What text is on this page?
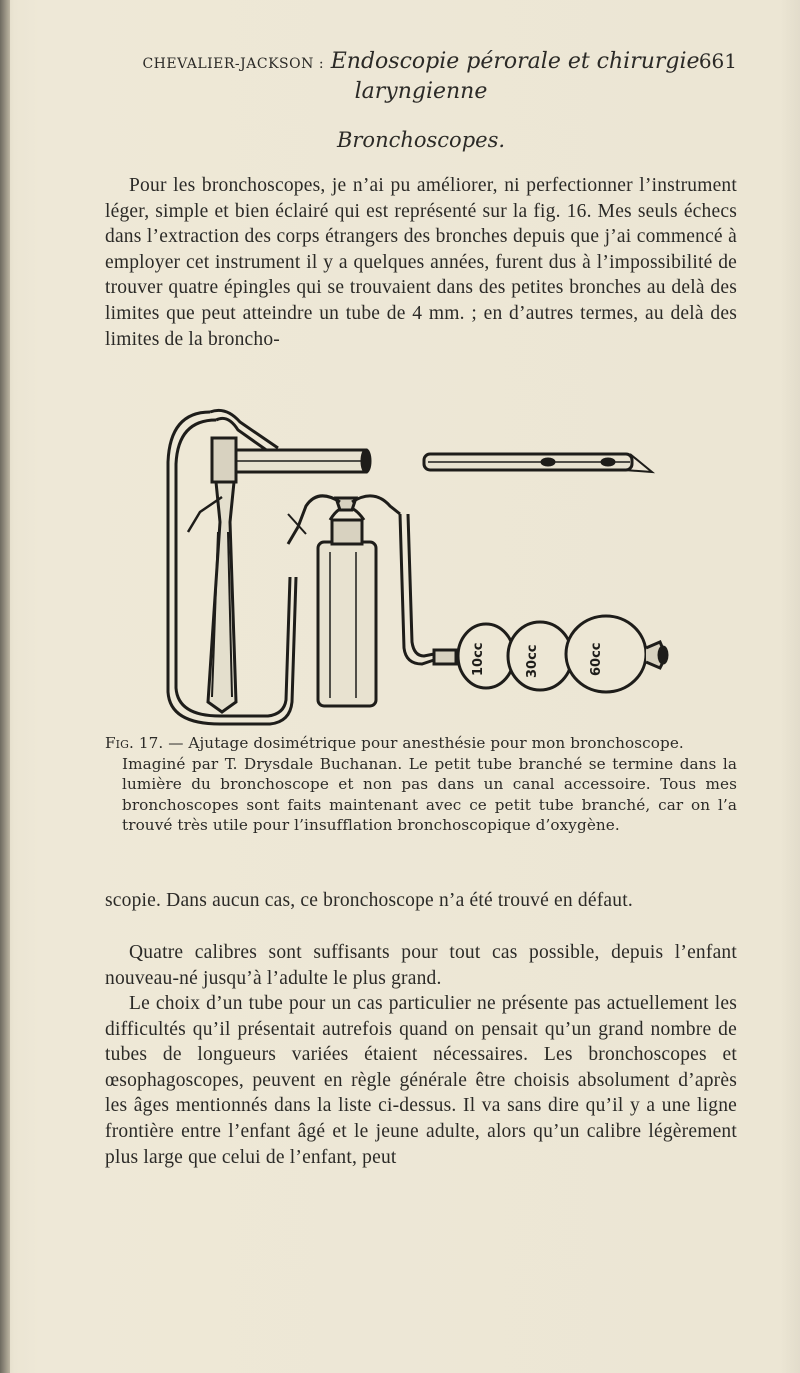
CHEVALIER-JACKSON : Endoscopie pérorale et chirurgie
laryngienne
661
Bronchoscopes.
Pour les bronchoscopes, je n’ai pu améliorer, ni perfectionner l’instrument léger, simple et bien éclairé qui est représenté sur la fig. 16. Mes seuls échecs dans l’extraction des corps étrangers des bronches depuis que j’ai commencé à employer cet instrument il y a quelques années, furent dus à l’impossibilité de trouver quatre épingles qui se trouvaient dans des petites bronches au delà des limites que peut atteindre un tube de 4 mm. ; en d’autres termes, au delà des limites de la broncho-
10cc	30cc	60cc
Fig. 17. — Ajutage dosimétrique pour anesthésie pour mon bronchoscope.
Imaginé par T. Drysdale Buchanan. Le petit tube branché se termine dans la lumière du bronchoscope et non pas dans un canal accessoire. Tous mes bronchoscopes sont faits maintenant avec ce petit tube branché, car on l’a trouvé très utile pour l’insufflation bronchoscopique d’oxygène.
scopie. Dans aucun cas, ce bronchoscope n’a été trouvé en défaut.
Quatre calibres sont suffisants pour tout cas possible, depuis l’enfant nouveau-né jusqu’à l’adulte le plus grand.
Le choix d’un tube pour un cas particulier ne présente pas actuellement les difficultés qu’il présentait autrefois quand on pensait qu’un grand nombre de tubes de longueurs variées étaient nécessaires. Les bronchoscopes et œsophagoscopes, peuvent en règle générale être choisis absolument d’après les âges mentionnés dans la liste ci-dessus. Il va sans dire qu’il y a une ligne frontière entre l’enfant âgé et le jeune adulte, alors qu’un calibre légèrement plus large que celui de l’enfant, peut
